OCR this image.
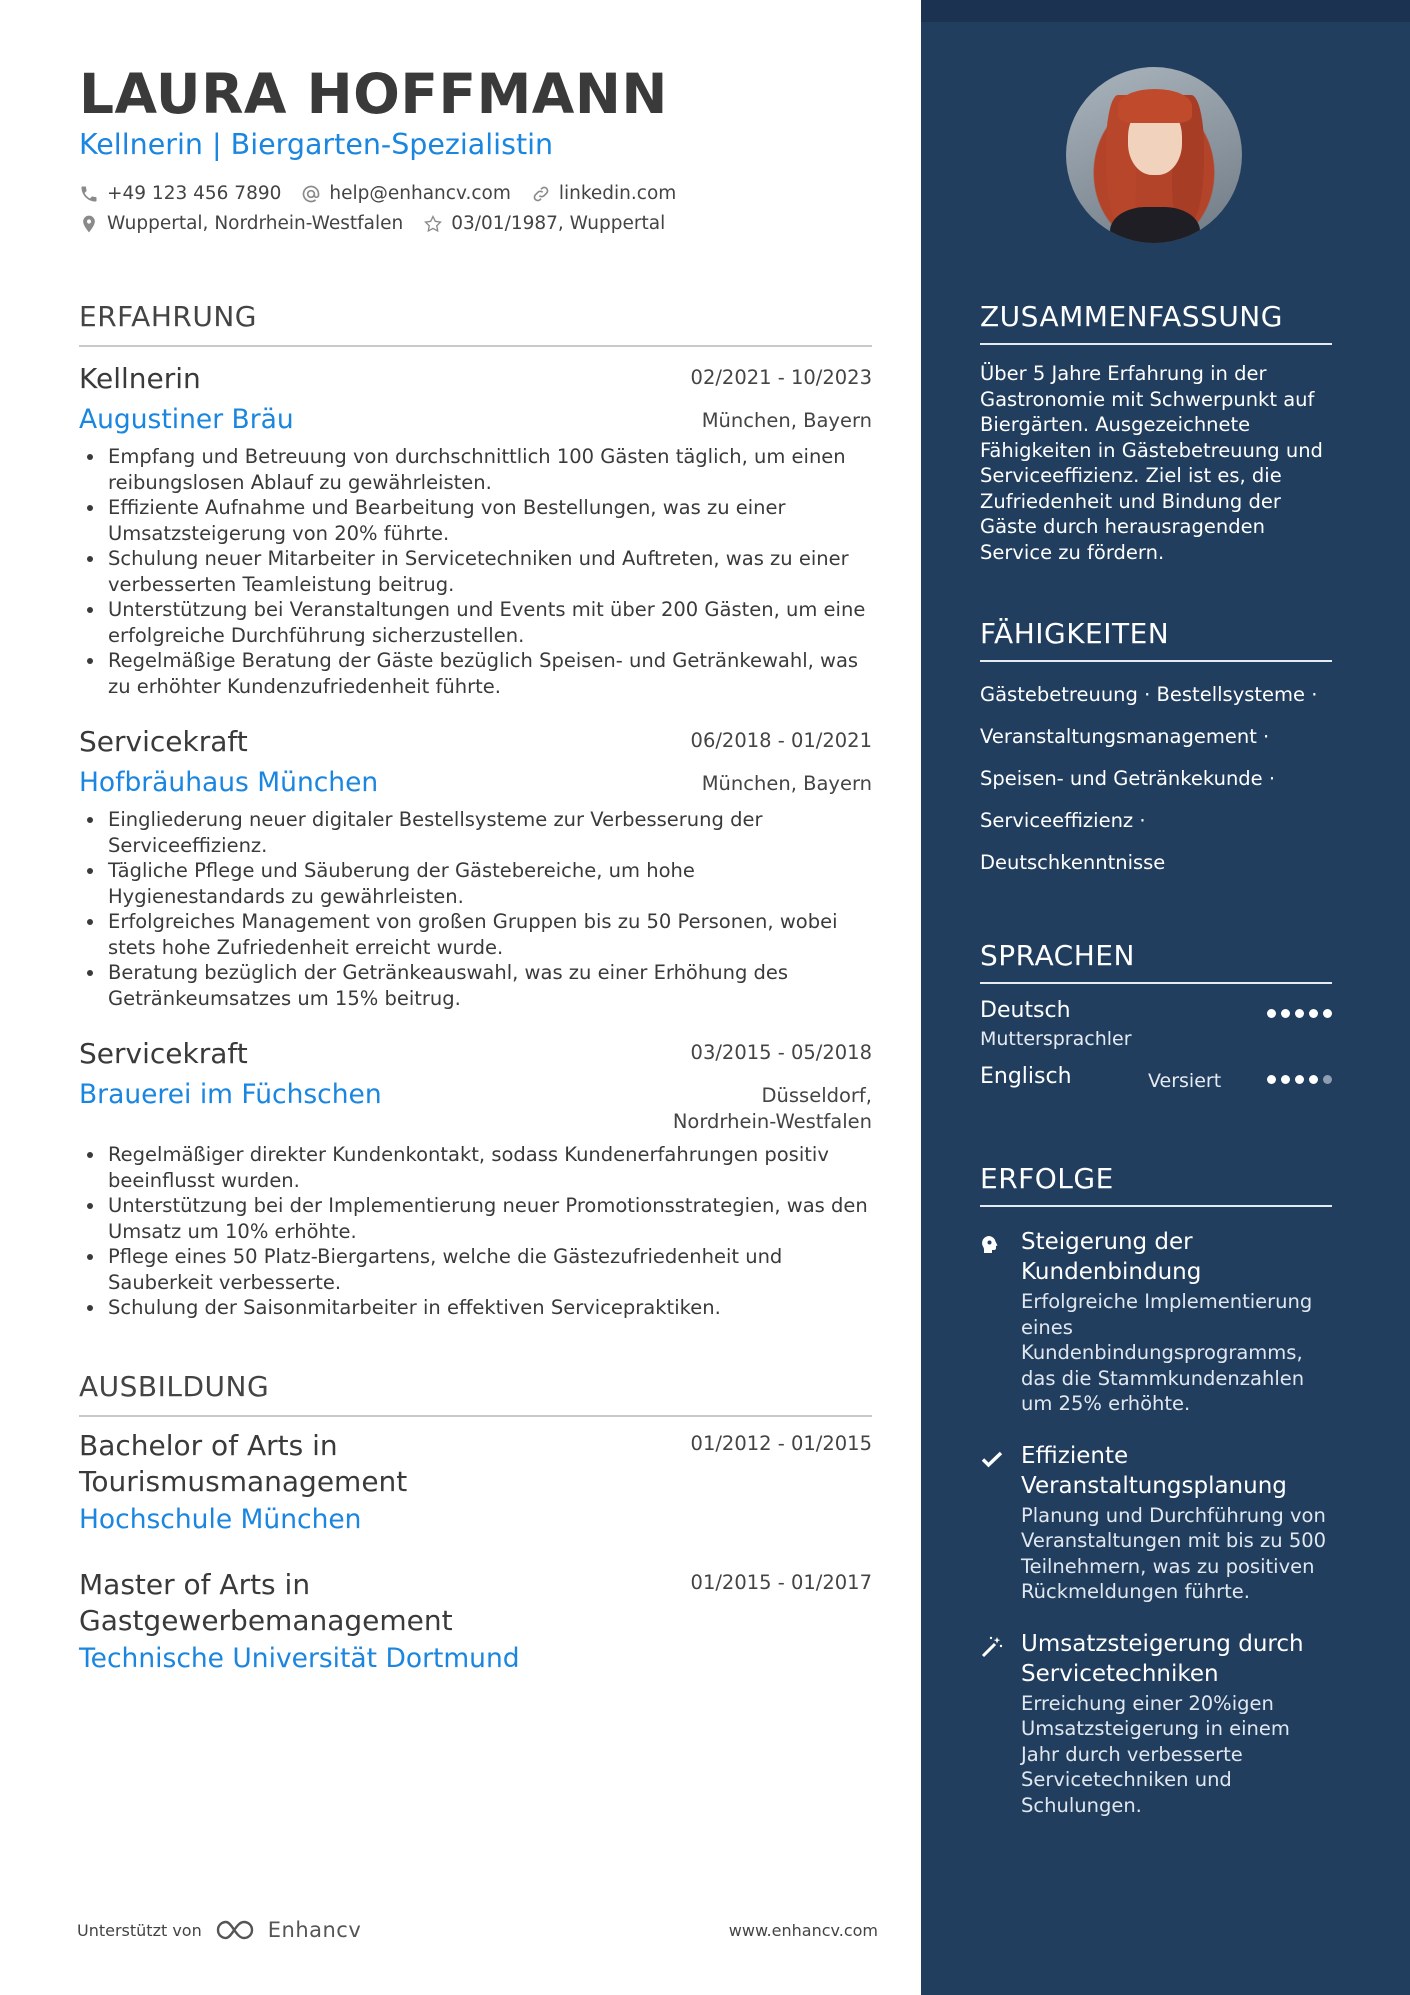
LAURA HOFFMANN
Kellnerin | Biergarten-Spezialistin
+49 123 456 7890	help@enhancv.com	linkedin.com
Wuppertal, Nordrhein-Westfalen	03/01/1987, Wuppertal
ERFAHRUNG
Kellnerin	02/2021 - 10/2023
Augustiner Bräu	München, Bayern
Empfang und Betreuung von durchschnittlich 100 Gästen täglich, um einen reibungslosen Ablauf zu gewährleisten.
Effiziente Aufnahme und Bearbeitung von Bestellungen, was zu einer Umsatzsteigerung von 20% führte.
Schulung neuer Mitarbeiter in Servicetechniken und Auftreten, was zu einer verbesserten Teamleistung beitrug.
Unterstützung bei Veranstaltungen und Events mit über 200 Gästen, um eine erfolgreiche Durchführung sicherzustellen.
Regelmäßige Beratung der Gäste bezüglich Speisen- und Getränkewahl, was zu erhöhter Kundenzufriedenheit führte.
Servicekraft	06/2018 - 01/2021
Hofbräuhaus München	München, Bayern
Eingliederung neuer digitaler Bestellsysteme zur Verbesserung der Serviceeffizienz.
Tägliche Pflege und Säuberung der Gästebereiche, um hohe Hygienestandards zu gewährleisten.
Erfolgreiches Management von großen Gruppen bis zu 50 Personen, wobei stets hohe Zufriedenheit erreicht wurde.
Beratung bezüglich der Getränkeauswahl, was zu einer Erhöhung des Getränkeumsatzes um 15% beitrug.
Servicekraft	03/2015 - 05/2018
Brauerei im Füchschen	Düsseldorf,
Nordrhein-Westfalen
Regelmäßiger direkter Kundenkontakt, sodass Kundenerfahrungen positiv beeinflusst wurden.
Unterstützung bei der Implementierung neuer Promotionsstrategien, was den Umsatz um 10% erhöhte.
Pflege eines 50 Platz-Biergartens, welche die Gästezufriedenheit und Sauberkeit verbesserte.
Schulung der Saisonmitarbeiter in effektiven Servicepraktiken.
AUSBILDUNG
Bachelor of Arts in
Tourismusmanagement
01/2012 - 01/2015
Hochschule München
Master of Arts in
Gastgewerbemanagement
01/2015 - 01/2017
Technische Universität Dortmund
Unterstützt von	Enhancv	www.enhancv.com
ZUSAMMENFASSUNG
Über 5 Jahre Erfahrung in der Gastronomie mit Schwerpunkt auf Biergärten. Ausgezeichnete Fähigkeiten in Gästebetreuung und Serviceeffizienz. Ziel ist es, die Zufriedenheit und Bindung der Gäste durch herausragenden Service zu fördern.
FÄHIGKEITEN
Gästebetreuung · Bestellsysteme ·
Veranstaltungsmanagement ·
Speisen- und Getränkekunde ·
Serviceeffizienz ·
Deutschkenntnisse
SPRACHEN
Deutsch
Muttersprachler
Englisch	Versiert
ERFOLGE
Steigerung der Kundenbindung
Erfolgreiche Implementierung eines Kundenbindungsprogramms, das die Stammkundenzahlen um 25% erhöhte.
Effiziente Veranstaltungsplanung
Planung und Durchführung von Veranstaltungen mit bis zu 500 Teilnehmern, was zu positiven Rückmeldungen führte.
Umsatzsteigerung durch Servicetechniken
Erreichung einer 20%igen Umsatzsteigerung in einem Jahr durch verbesserte Servicetechniken und Schulungen.
